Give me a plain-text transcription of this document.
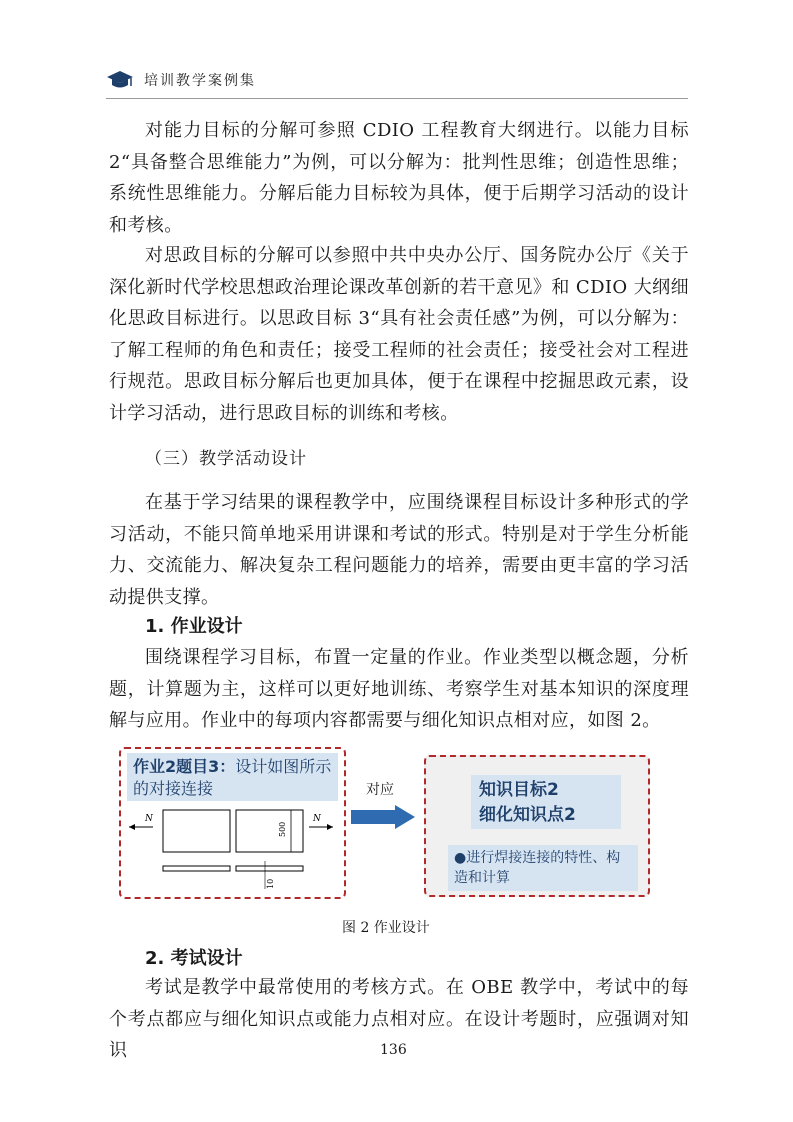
培训教学案例集

对能力目标的分解可参照 CDIO 工程教育大纲进行。以能力目标 2“具备整合思维能力”为例，可以分解为：批判性思维；创造性思维；系统性思维能力。分解后能力目标较为具体，便于后期学习活动的设计和考核。

对思政目标的分解可以参照中共中央办公厅、国务院办公厅《关于深化新时代学校思想政治理论课改革创新的若干意见》和 CDIO 大纲细化思政目标进行。以思政目标 3“具有社会责任感”为例，可以分解为：了解工程师的角色和责任；接受工程师的社会责任；接受社会对工程进行规范。思政目标分解后也更加具体，便于在课程中挖掘思政元素，设计学习活动，进行思政目标的训练和考核。

（三）教学活动设计

在基于学习结果的课程教学中，应围绕课程目标设计多种形式的学习活动，不能只简单地采用讲课和考试的形式。特别是对于学生分析能力、交流能力、解决复杂工程问题能力的培养，需要由更丰富的学习活动提供支撑。

1. 作业设计

围绕课程学习目标，布置一定量的作业。作业类型以概念题，分析题，计算题为主，这样可以更好地训练、考察学生对基本知识的深度理解与应用。作业中的每项内容都需要与细化知识点相对应，如图 2。

作业2题目3：设计如图所示的对接连接
N
500
N
10
对应	知识目标2
细化知识点2
●进行焊接连接的特性、构造和计算
图 2 作业设计

2. 考试设计

考试是教学中最常使用的考核方式。在 OBE 教学中，考试中的每个考点都应与细化知识点或能力点相对应。在设计考题时，应强调对知识	136
